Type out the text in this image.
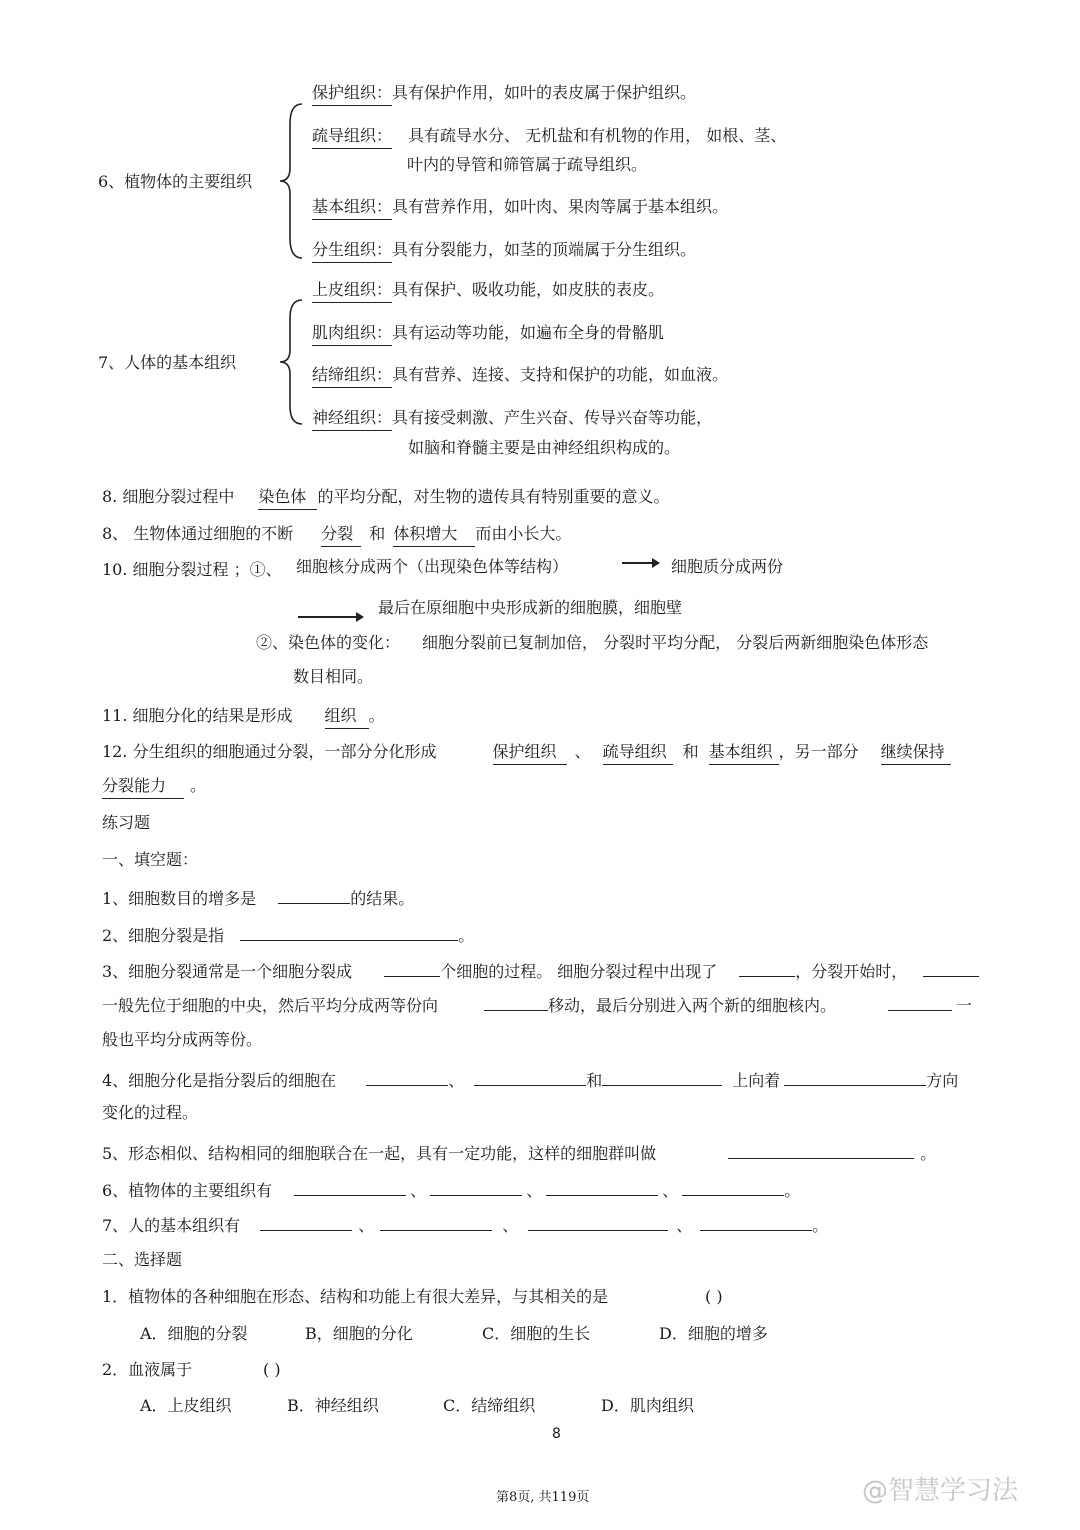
6、植物体的主要组织
保护组织：具有保护作用，如叶的表皮属于保护组织。
疏导组织： 具有疏导水分、 无机盐和有机物的作用， 如根、茎、
叶内的导管和筛管属于疏导组织。
基本组织：具有营养作用，如叶肉、果肉等属于基本组织。
分生组织：具有分裂能力，如茎的顶端属于分生组织。
7、人体的基本组织
上皮组织：具有保护、吸收功能，如皮肤的表皮。
肌肉组织：具有运动等功能，如遍布全身的骨骼肌
结缔组织：具有营养、连接、支持和保护的功能，如血液。
神经组织：具有接受刺激、产生兴奋、传导兴奋等功能，
如脑和脊髓主要是由神经组织构成的。
8. 细胞分裂过程中 染色体 的平均分配，对生物的遗传具有特别重要的意义。
8、 生物体通过细胞的不断 分裂 和 体积增大 而由小长大。
10. 细胞分裂过程 ；①、 细胞核分成两个（出现染色体等结构）	细胞质分成两份
最后在原细胞中央形成新的细胞膜，细胞壁
②、染色体的变化： 细胞分裂前已复制加倍， 分裂时平均分配， 分裂后两新细胞染色体形态
数目相同。
11. 细胞分化的结果是形成 组织 。
12. 分生组织的细胞通过分裂，一部分分化形成	保护组织 、 疏导组织 和 基本组织 ，另一部分 继续保持
分裂能力 。
练习题
一、填空题：
1、细胞数目的增多是	的结果。
2、细胞分裂是指	。
3、细胞分裂通常是一个细胞分裂成	个细胞的过程。 细胞分裂过程中出现了	，分裂开始时，
一般先位于细胞的中央，然后平均分成两等份向	移动，最后分别进入两个新的细胞核内。	一
般也平均分成两等份。
4、细胞分化是指分裂后的细胞在	、	和	上向着	方向
变化的过程。
5、形态相似、结构相同的细胞联合在一起，具有一定功能，这样的细胞群叫做	。
6、植物体的主要组织有	、	、	、	。
7、人的基本组织有	、	、	、	。
二、选择题
1．植物体的各种细胞在形态、结构和功能上有很大差异，与其相关的是	( )
A．细胞的分裂	B，细胞的分化	C．细胞的生长	D．细胞的增多
2．血液属于	( )
A．上皮组织	B．神经组织	C．结缔组织	D．肌肉组织
8
第8页, 共119页	@智慧学习法
